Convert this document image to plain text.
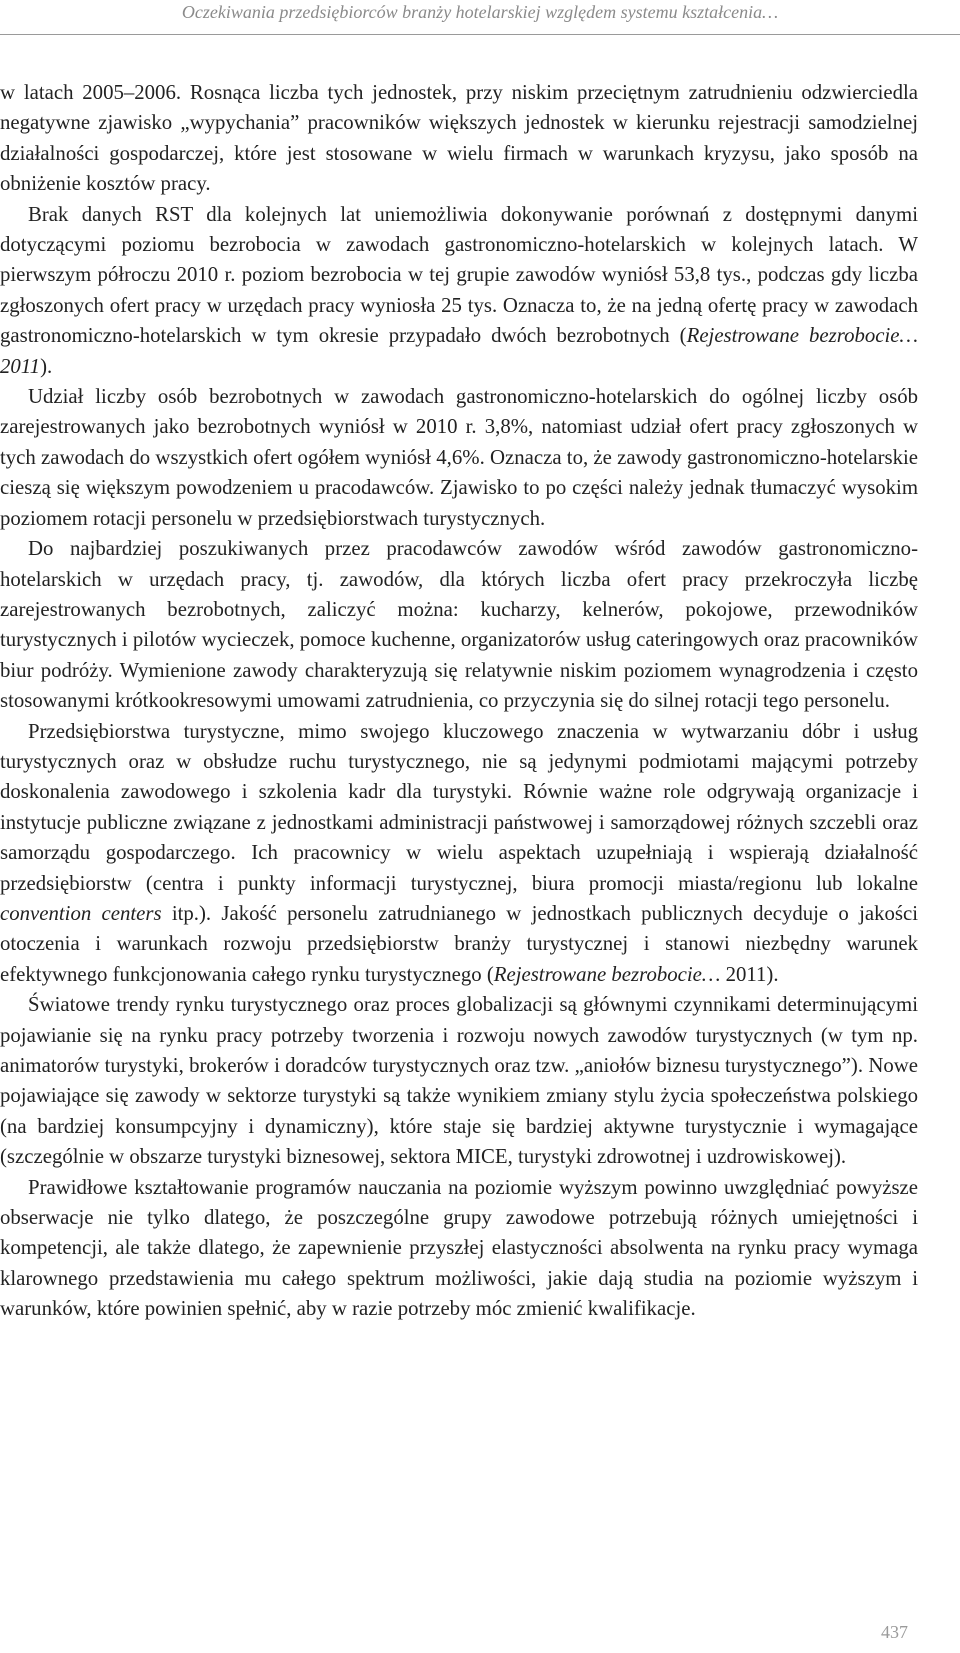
Oczekiwania przedsiębiorców branży hotelarskiej względem systemu kształcenia…

w latach 2005–2006. Rosnąca liczba tych jednostek, przy niskim przeciętnym zatrudnieniu odzwierciedla negatywne zjawisko „wypychania” pracowników większych jednostek w kierunku rejestracji samodzielnej działalności gospodarczej, które jest stosowane w wielu firmach w warunkach kryzysu, jako sposób na obniżenie kosztów pracy.

Brak danych RST dla kolejnych lat uniemożliwia dokonywanie porównań z dostępnymi danymi dotyczącymi poziomu bezrobocia w zawodach gastronomiczno-hotelarskich w kolejnych latach. W pierwszym półroczu 2010 r. poziom bezrobocia w tej grupie zawodów wyniósł 53,8 tys., podczas gdy liczba zgłoszonych ofert pracy w urzędach pracy wyniosła 25 tys. Oznacza to, że na jedną ofertę pracy w zawodach gastronomiczno-hotelarskich w tym okresie przypadało dwóch bezrobotnych (Rejestrowane bezrobocie… 2011).

Udział liczby osób bezrobotnych w zawodach gastronomiczno-hotelarskich do ogólnej liczby osób zarejestrowanych jako bezrobotnych wyniósł w 2010 r. 3,8%, natomiast udział ofert pracy zgłoszonych w tych zawodach do wszystkich ofert ogółem wyniósł 4,6%. Oznacza to, że zawody gastronomiczno-hotelarskie cieszą się większym powodzeniem u pracodawców. Zjawisko to po części należy jednak tłumaczyć wysokim poziomem rotacji personelu w przedsiębiorstwach turystycznych.

Do najbardziej poszukiwanych przez pracodawców zawodów wśród zawodów gastronomiczno-hotelarskich w urzędach pracy, tj. zawodów, dla których liczba ofert pracy przekroczyła liczbę zarejestrowanych bezrobotnych, zaliczyć można: kucharzy, kelnerów, pokojowe, przewodników turystycznych i pilotów wycieczek, pomoce kuchenne, organizatorów usług cateringowych oraz pracowników biur podróży. Wymienione zawody charakteryzują się relatywnie niskim poziomem wynagrodzenia i często stosowanymi krótkookresowymi umowami zatrudnienia, co przyczynia się do silnej rotacji tego personelu.

Przedsiębiorstwa turystyczne, mimo swojego kluczowego znaczenia w wytwarzaniu dóbr i usług turystycznych oraz w obsłudze ruchu turystycznego, nie są jedynymi podmiotami mającymi potrzeby doskonalenia zawodowego i szkolenia kadr dla turystyki. Równie ważne role odgrywają organizacje i instytucje publiczne związane z jednostkami administracji państwowej i samorządowej różnych szczebli oraz samorządu gospodarczego. Ich pracownicy w wielu aspektach uzupełniają i wspierają działalność przedsiębiorstw (centra i punkty informacji turystycznej, biura promocji miasta/regionu lub lokalne convention centers itp.). Jakość personelu zatrudnianego w jednostkach publicznych decyduje o jakości otoczenia i warunkach rozwoju przedsiębiorstw branży turystycznej i stanowi niezbędny warunek efektywnego funkcjonowania całego rynku turystycznego (Rejestrowane bezrobocie… 2011).

Światowe trendy rynku turystycznego oraz proces globalizacji są głównymi czynnikami determinującymi pojawianie się na rynku pracy potrzeby tworzenia i rozwoju nowych zawodów turystycznych (w tym np. animatorów turystyki, brokerów i doradców turystycznych oraz tzw. „aniołów biznesu turystycznego”). Nowe pojawiające się zawody w sektorze turystyki są także wynikiem zmiany stylu życia społeczeństwa polskiego (na bardziej konsumpcyjny i dynamiczny), które staje się bardziej aktywne turystycznie i wymagające (szczególnie w obszarze turystyki biznesowej, sektora MICE, turystyki zdrowotnej i uzdrowiskowej).

Prawidłowe kształtowanie programów nauczania na poziomie wyższym powinno uwzględniać powyższe obserwacje nie tylko dlatego, że poszczególne grupy zawodowe potrzebują różnych umiejętności i kompetencji, ale także dlatego, że zapewnienie przyszłej elastyczności absolwenta na rynku pracy wymaga klarownego przedstawienia mu całego spektrum możliwości, jakie dają studia na poziomie wyższym i warunków, które powinien spełnić, aby w razie potrzeby móc zmienić kwalifikacje.

437
